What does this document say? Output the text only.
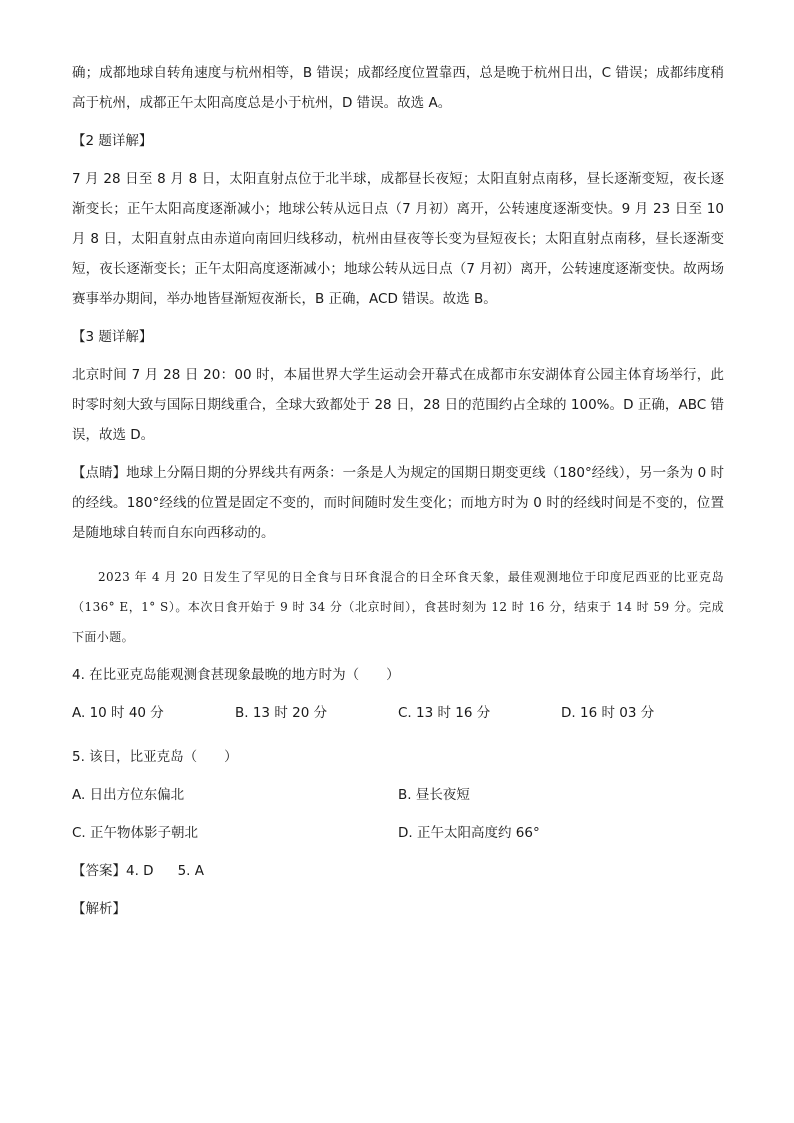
确；成都地球自转角速度与杭州相等，B 错误；成都经度位置靠西，总是晚于杭州日出，C 错误；成都纬度稍高于杭州，成都正午太阳高度总是小于杭州，D 错误。故选 A。

【2 题详解】

7 月 28 日至 8 月 8 日，太阳直射点位于北半球，成都昼长夜短；太阳直射点南移，昼长逐渐变短，夜长逐渐变长；正午太阳高度逐渐减小；地球公转从远日点（7 月初）离开，公转速度逐渐变快。9 月 23 日至 10 月 8 日，太阳直射点由赤道向南回归线移动，杭州由昼夜等长变为昼短夜长；太阳直射点南移，昼长逐渐变短，夜长逐渐变长；正午太阳高度逐渐减小；地球公转从远日点（7 月初）离开，公转速度逐渐变快。故两场赛事举办期间，举办地皆昼渐短夜渐长，B 正确，ACD 错误。故选 B。

【3 题详解】

北京时间 7 月 28 日 20：00 时，本届世界大学生运动会开幕式在成都市东安湖体育公园主体育场举行，此时零时刻大致与国际日期线重合，全球大致都处于 28 日，28 日的范围约占全球的 100%。D 正确，ABC 错误，故选 D。

【点睛】地球上分隔日期的分界线共有两条：一条是人为规定的国期日期变更线（180°经线），另一条为 0 时的经线。180°经线的位置是固定不变的，而时间随时发生变化；而地方时为 0 时的经线时间是不变的，位置是随地球自转而自东向西移动的。

2023 年 4 月 20 日发生了罕见的日全食与日环食混合的日全环食天象，最佳观测地位于印度尼西亚的比亚克岛（136° E，1° S）。本次日食开始于 9 时 34 分（北京时间），食甚时刻为 12 时 16 分，结束于 14 时 59 分。完成下面小题。

4. 在比亚克岛能观测食甚现象最晚的地方时为（　　）

A. 10 时 40 分	B. 13 时 20 分	C. 13 时 16 分	D. 16 时 03 分

5. 该日，比亚克岛（　　）

A. 日出方位东偏北	B. 昼长夜短
C. 正午物体影子朝北	D. 正午太阳高度约 66°
【答案】4. D 5. A

【解析】
